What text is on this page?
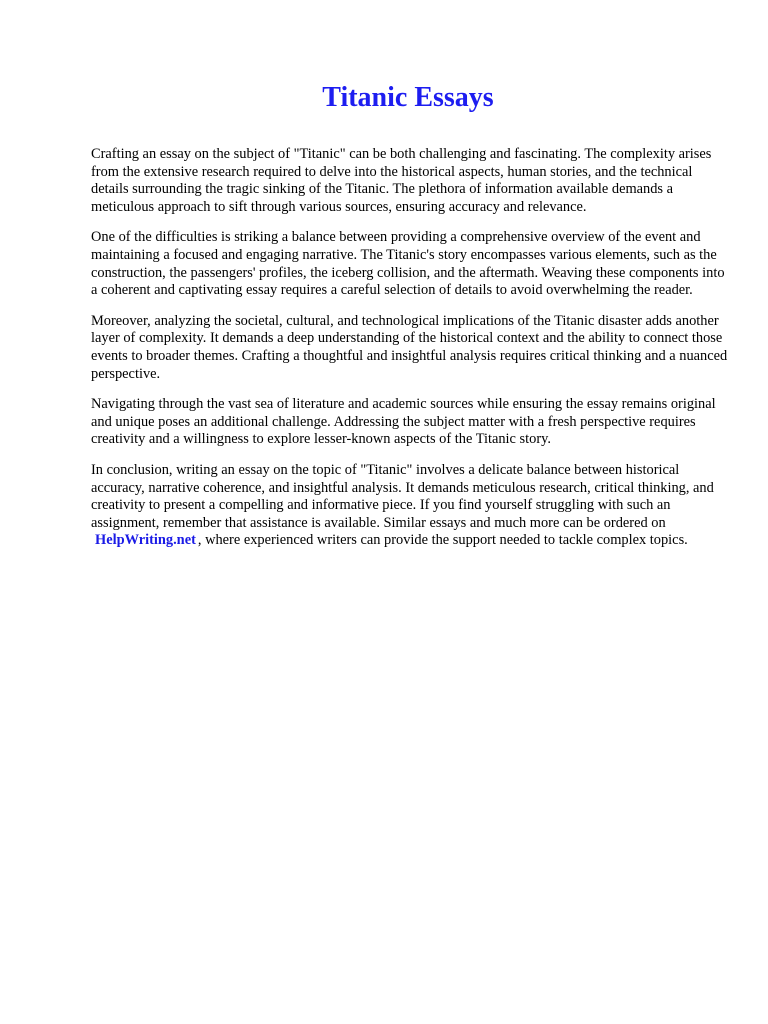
Titanic Essays

Crafting an essay on the subject of "Titanic" can be both challenging and fascinating. The complexity arises from the extensive research required to delve into the historical aspects, human stories, and the technical details surrounding the tragic sinking of the Titanic. The plethora of information available demands a meticulous approach to sift through various sources, ensuring accuracy and relevance.

One of the difficulties is striking a balance between providing a comprehensive overview of the event and maintaining a focused and engaging narrative. The Titanic's story encompasses various elements, such as the construction, the passengers' profiles, the iceberg collision, and the aftermath. Weaving these components into a coherent and captivating essay requires a careful selection of details to avoid overwhelming the reader.

Moreover, analyzing the societal, cultural, and technological implications of the Titanic disaster adds another layer of complexity. It demands a deep understanding of the historical context and the ability to connect those events to broader themes. Crafting a thoughtful and insightful analysis requires critical thinking and a nuanced perspective.

Navigating through the vast sea of literature and academic sources while ensuring the essay remains original and unique poses an additional challenge. Addressing the subject matter with a fresh perspective requires creativity and a willingness to explore lesser-known aspects of the Titanic story.

In conclusion, writing an essay on the topic of "Titanic" involves a delicate balance between historical accuracy, narrative coherence, and insightful analysis. It demands meticulous research, critical thinking, and creativity to present a compelling and informative piece. If you find yourself struggling with such an assignment, remember that assistance is available. Similar essays and much more can be ordered on HelpWriting.net , where experienced writers can provide the support needed to tackle complex topics.
